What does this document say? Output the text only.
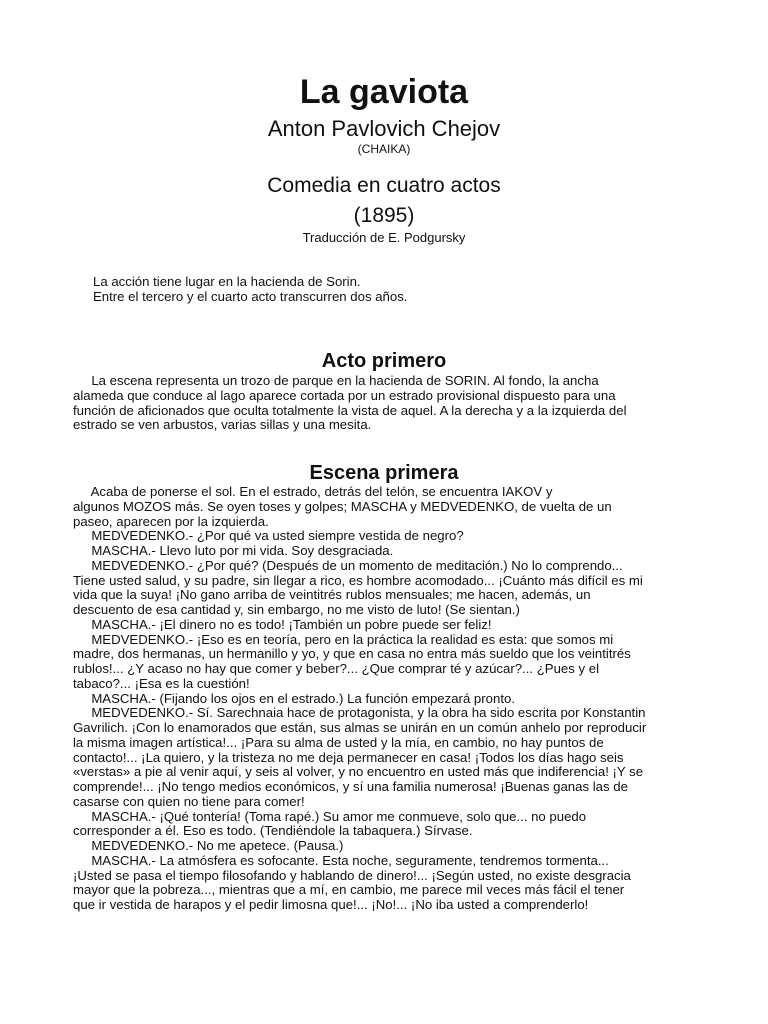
La gaviota
Anton Pavlovich Chejov
(CHAIKA)
Comedia en cuatro actos
(1895)
Traducción de E. Podgursky
La acción tiene lugar en la hacienda de Sorin.
Entre el tercero y el cuarto acto transcurren dos años.
Acto primero
La escena representa un trozo de parque en la hacienda de SORIN. Al fondo, la ancha
alameda que conduce al lago aparece cortada por un estrado provisional dispuesto para una
función de aficionados que oculta totalmente la vista de aquel. A la derecha y a la izquierda del
estrado se ven arbustos, varias sillas y una mesita.
Escena primera
Acaba de ponerse el sol. En el estrado, detrás del telón, se encuentra IAKOV y
algunos MOZOS más. Se oyen toses y golpes; MASCHA y MEDVEDENKO, de vuelta de un
paseo, aparecen por la izquierda.
MEDVEDENKO.- ¿Por qué va usted siempre vestida de negro?
MASCHA.- Llevo luto por mi vida. Soy desgraciada.
MEDVEDENKO.- ¿Por qué? (Después de un momento de meditación.) No lo comprendo...
Tiene usted salud, y su padre, sin llegar a rico, es hombre acomodado... ¡Cuánto más difícil es mi
vida que la suya! ¡No gano arriba de veintitrés rublos mensuales; me hacen, además, un
descuento de esa cantidad y, sin embargo, no me visto de luto! (Se sientan.)
MASCHA.- ¡El dinero no es todo! ¡También un pobre puede ser feliz!
MEDVEDENKO.- ¡Eso es en teoría, pero en la práctica la realidad es esta: que somos mi
madre, dos hermanas, un hermanillo y yo, y que en casa no entra más sueldo que los veintitrés
rublos!... ¿Y acaso no hay que comer y beber?... ¿Que comprar té y azúcar?... ¿Pues y el
tabaco?... ¡Esa es la cuestión!
MASCHA.- (Fijando los ojos en el estrado.) La función empezará pronto.
MEDVEDENKO.- Sí. Sarechnaia hace de protagonista, y la obra ha sido escrita por Konstantin
Gavrilich. ¡Con lo enamorados que están, sus almas se unirán en un común anhelo por reproducir
la misma imagen artística!... ¡Para su alma de usted y la mía, en cambio, no hay puntos de
contacto!... ¡La quiero, y la tristeza no me deja permanecer en casa! ¡Todos los días hago seis
«verstas» a pie al venir aquí, y seis al volver, y no encuentro en usted más que indiferencia! ¡Y se
comprende!... ¡No tengo medios económicos, y sí una familia numerosa! ¡Buenas ganas las de
casarse con quien no tiene para comer!
MASCHA.- ¡Qué tontería! (Toma rapé.) Su amor me conmueve, solo que... no puedo
corresponder a él. Eso es todo. (Tendiéndole la tabaquera.) Sírvase.
MEDVEDENKO.- No me apetece. (Pausa.)
MASCHA.- La atmósfera es sofocante. Esta noche, seguramente, tendremos tormenta...
¡Usted se pasa el tiempo filosofando y hablando de dinero!... ¡Según usted, no existe desgracia
mayor que la pobreza..., mientras que a mí, en cambio, me parece mil veces más fácil el tener
que ir vestida de harapos y el pedir limosna que!... ¡No!... ¡No iba usted a comprenderlo!
